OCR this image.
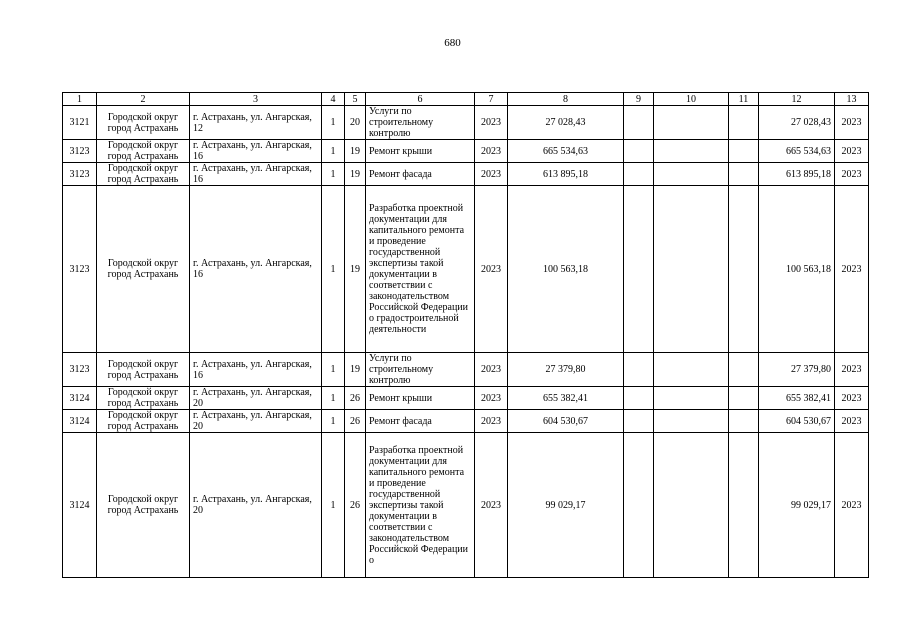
680
1	2	3	4	5	6	7	8	9	10	11	12	13
3121	Городской округ город Астрахань	г. Астрахань, ул. Ангарская, 12	1	20	Услуги по строительному контролю	2023	27 028,43				27 028,43	2023
3123	Городской округ город Астрахань	г. Астрахань, ул. Ангарская, 16	1	19	Ремонт крыши	2023	665 534,63				665 534,63	2023
3123	Городской округ город Астрахань	г. Астрахань, ул. Ангарская, 16	1	19	Ремонт фасада	2023	613 895,18				613 895,18	2023
3123	Городской округ город Астрахань	г. Астрахань, ул. Ангарская, 16	1	19	Разработка проектной документации для капитального ремонта и проведение государственной экспертизы такой документации в соответствии с законодательством Российской Федерации о градостроительной деятельности	2023	100 563,18				100 563,18	2023
3123	Городской округ город Астрахань	г. Астрахань, ул. Ангарская, 16	1	19	Услуги по строительному контролю	2023	27 379,80				27 379,80	2023
3124	Городской округ город Астрахань	г. Астрахань, ул. Ангарская, 20	1	26	Ремонт крыши	2023	655 382,41				655 382,41	2023
3124	Городской округ город Астрахань	г. Астрахань, ул. Ангарская, 20	1	26	Ремонт фасада	2023	604 530,67				604 530,67	2023
3124	Городской округ город Астрахань	г. Астрахань, ул. Ангарская, 20	1	26	Разработка проектной документации для капитального ремонта и проведение государственной экспертизы такой документации в соответствии с законодательством Российской Федерации о	2023	99 029,17				99 029,17	2023
